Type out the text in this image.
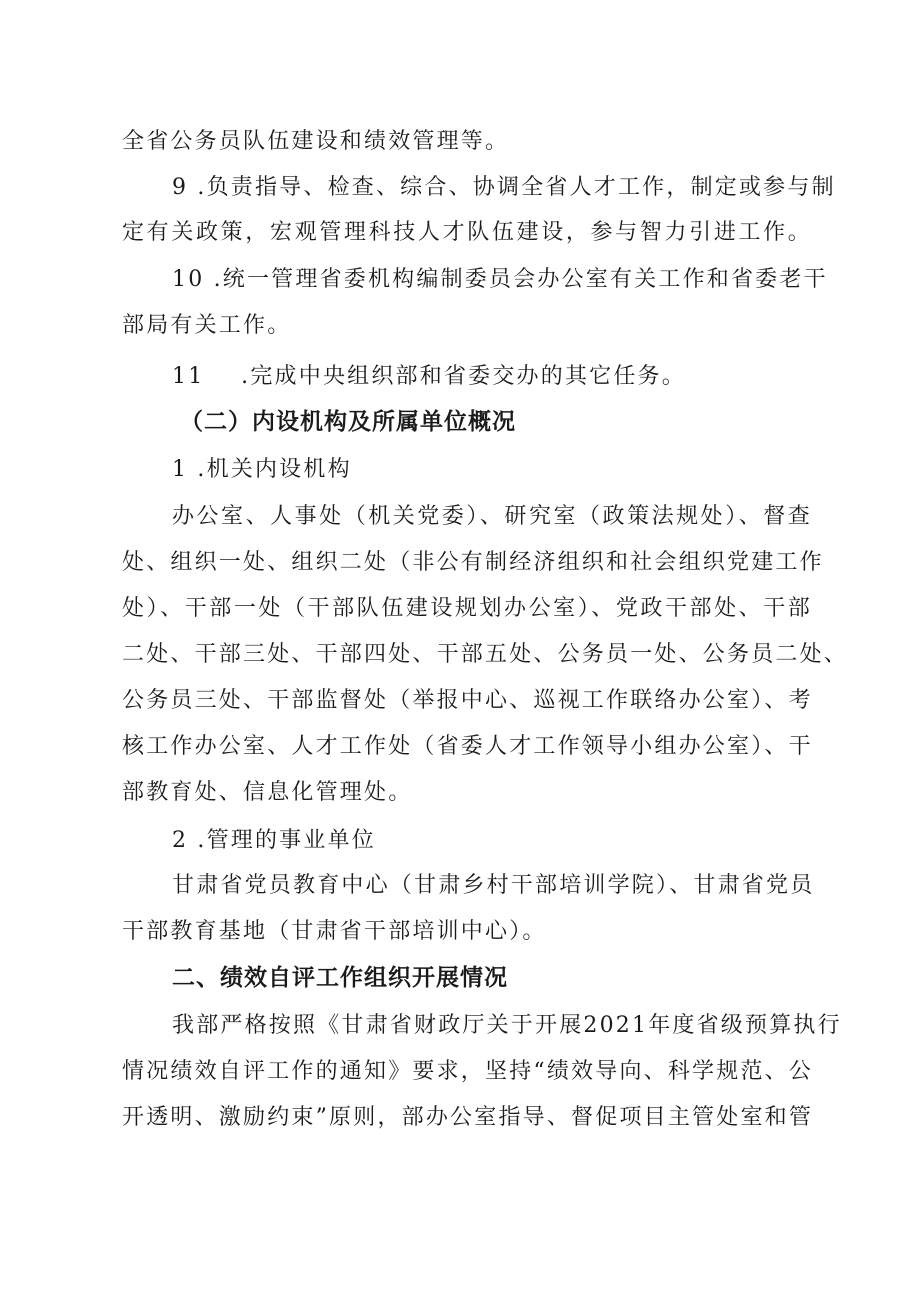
全省公务员队伍建设和绩效管理等。
9 .负责指导、检查、综合、协调全省人才工作，制定或参与制
定有关政策，宏观管理科技人才队伍建设，参与智力引进工作。
10 .统一管理省委机构编制委员会办公室有关工作和省委老干
部局有关工作。
11    .完成中央组织部和省委交办的其它任务。
（二）内设机构及所属单位概况
1 .机关内设机构
办公室、人事处（机关党委）、研究室（政策法规处）、督查
处、组织一处、组织二处（非公有制经济组织和社会组织党建工作
处）、干部一处（干部队伍建设规划办公室）、党政干部处、干部
二处、干部三处、干部四处、干部五处、公务员一处、公务员二处、
公务员三处、干部监督处（举报中心、巡视工作联络办公室）、考
核工作办公室、人才工作处（省委人才工作领导小组办公室）、干
部教育处、信息化管理处。
2 .管理的事业单位
甘肃省党员教育中心（甘肃乡村干部培训学院）、甘肃省党员
干部教育基地（甘肃省干部培训中心）。
二、绩效自评工作组织开展情况
我部严格按照《甘肃省财政厅关于开展2021年度省级预算执行
情况绩效自评工作的通知》要求，坚持“绩效导向、科学规范、公
开透明、激励约束”原则，部办公室指导、督促项目主管处室和管
